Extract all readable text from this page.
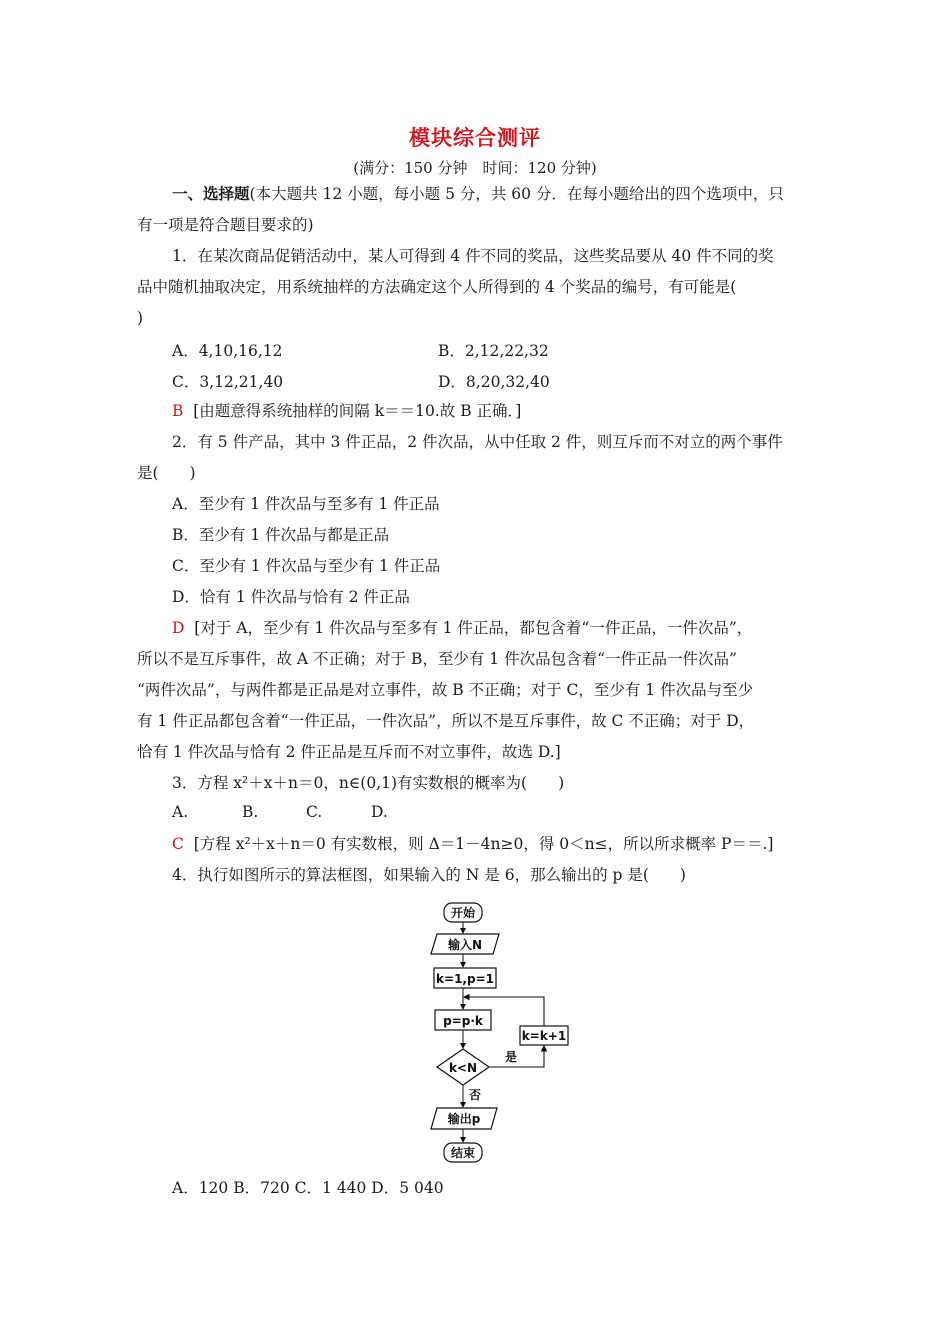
模块综合测评
(满分：150 分钟　时间：120 分钟)
一、选择题(本大题共 12 小题，每小题 5 分，共 60 分．在每小题给出的四个选项中，只
有一项是符合题目要求的)
1．在某次商品促销活动中，某人可得到 4 件不同的奖品，这些奖品要从 40 件不同的奖
品中随机抽取决定，用系统抽样的方法确定这个人所得到的 4 个奖品的编号，有可能是(
)
A．4,10,16,12	B．2,12,22,32
C．3,12,21,40	D．8,20,32,40
B [由题意得系统抽样的间隔 k＝＝10.故 B 正确．]
2．有 5 件产品，其中 3 件正品，2 件次品，从中任取 2 件，则互斥而不对立的两个事件
是(　　)
A．至少有 1 件次品与至多有 1 件正品
B．至少有 1 件次品与都是正品
C．至少有 1 件次品与至少有 1 件正品
D．恰有 1 件次品与恰有 2 件正品
D [对于 A，至少有 1 件次品与至多有 1 件正品，都包含着“一件正品，一件次品”，
所以不是互斥事件，故 A 不正确；对于 B，至少有 1 件次品包含着“一件正品一件次品”
“两件次品”，与两件都是正品是对立事件，故 B 不正确；对于 C，至少有 1 件次品与至少
有 1 件正品都包含着“一件正品，一件次品”，所以不是互斥事件，故 C 不正确；对于 D，
恰有 1 件次品与恰有 2 件正品是互斥而不对立事件，故选 D.]
3．方程 x²＋x＋n＝0，n∈(0,1)有实数根的概率为(　　)
A.	B.	C.	D.
C [方程 x²＋x＋n＝0 有实数根，则 Δ＝1－4n≥0，得 0＜n≤，所以所求概率 P＝＝.]
4．执行如图所示的算法框图，如果输入的 N 是 6，那么输出的 p 是(　　)
开始
输入N
k=1,p=1
p=p·k
k<N
是
k=k+1
否
输出p
结束
A．120 B．720 C．1 440 D．5 040
